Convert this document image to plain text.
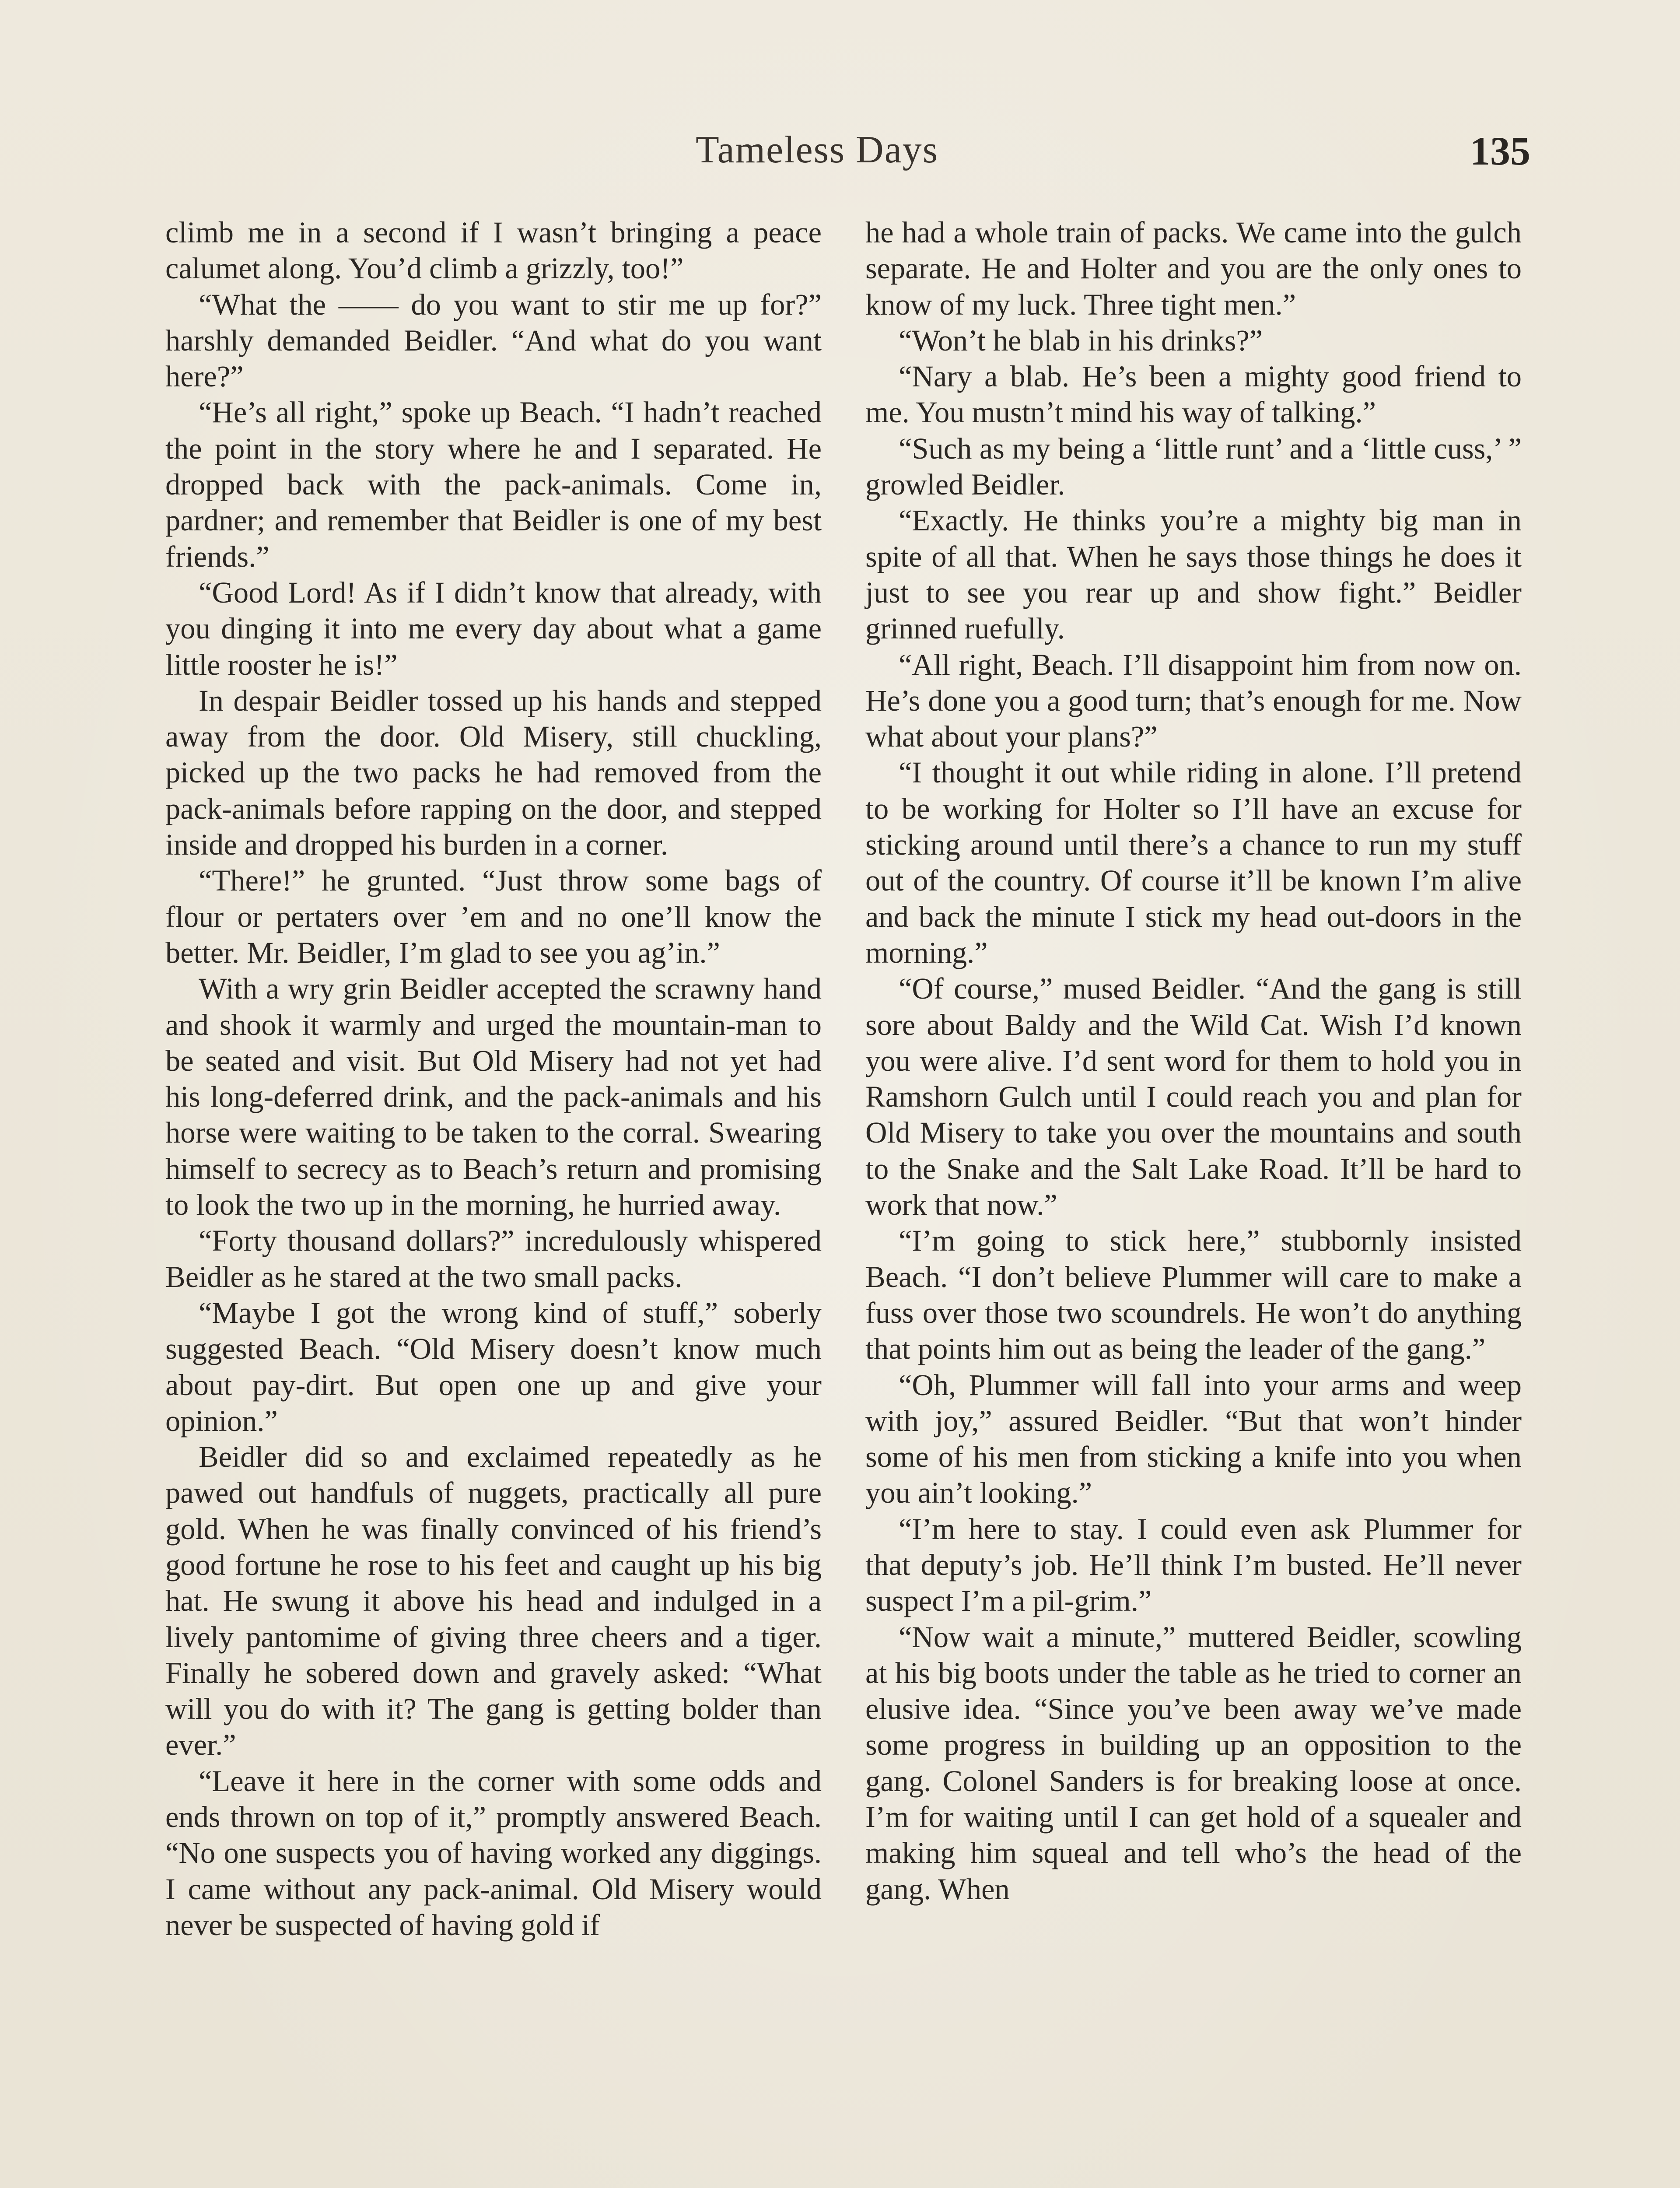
Tameless Days	135

climb me in a second if I wasn’t bringing a peace calumet along. You’d climb a grizzly, too!”

“What the —— do you want to stir me up for?” harshly demanded Beidler. “And what do you want here?”

“He’s all right,” spoke up Beach. “I hadn’t reached the point in the story where he and I separated. He dropped back with the pack-animals. Come in, pardner; and remember that Beidler is one of my best friends.”

“Good Lord! As if I didn’t know that already, with you dinging it into me every day about what a game little rooster he is!”

In despair Beidler tossed up his hands and stepped away from the door. Old Misery, still chuckling, picked up the two packs he had removed from the pack-animals before rapping on the door, and stepped inside and dropped his burden in a corner.

“There!” he grunted. “Just throw some bags of flour or pertaters over ’em and no one’ll know the better. Mr. Beidler, I’m glad to see you ag’in.”

With a wry grin Beidler accepted the scrawny hand and shook it warmly and urged the mountain-man to be seated and visit. But Old Misery had not yet had his long-deferred drink, and the pack-animals and his horse were waiting to be taken to the corral. Swearing himself to secrecy as to Beach’s return and promising to look the two up in the morning, he hurried away.

“Forty thousand dollars?” incredulously whispered Beidler as he stared at the two small packs.

“Maybe I got the wrong kind of stuff,” soberly suggested Beach. “Old Misery doesn’t know much about pay-dirt. But open one up and give your opinion.”

Beidler did so and exclaimed repeatedly as he pawed out handfuls of nuggets, practically all pure gold. When he was finally convinced of his friend’s good fortune he rose to his feet and caught up his big hat. He swung it above his head and indulged in a lively pantomime of giving three cheers and a tiger. Finally he sobered down and gravely asked: “What will you do with it? The gang is getting bolder than ever.”

“Leave it here in the corner with some odds and ends thrown on top of it,” promptly answered Beach. “No one suspects you of having worked any diggings. I came without any pack-animal. Old Misery would never be suspected of having gold if

he had a whole train of packs. We came into the gulch separate. He and Holter and you are the only ones to know of my luck. Three tight men.”

“Won’t he blab in his drinks?”

“Nary a blab. He’s been a mighty good friend to me. You mustn’t mind his way of talking.”

“Such as my being a ‘little runt’ and a ‘little cuss,’ ” growled Beidler.

“Exactly. He thinks you’re a mighty big man in spite of all that. When he says those things he does it just to see you rear up and show fight.” Beidler grinned ruefully.

“All right, Beach. I’ll disappoint him from now on. He’s done you a good turn; that’s enough for me. Now what about your plans?”

“I thought it out while riding in alone. I’ll pretend to be working for Holter so I’ll have an excuse for sticking around until there’s a chance to run my stuff out of the country. Of course it’ll be known I’m alive and back the minute I stick my head out-doors in the morning.”

“Of course,” mused Beidler. “And the gang is still sore about Baldy and the Wild Cat. Wish I’d known you were alive. I’d sent word for them to hold you in Ramshorn Gulch until I could reach you and plan for Old Misery to take you over the mountains and south to the Snake and the Salt Lake Road. It’ll be hard to work that now.”

“I’m going to stick here,” stubbornly insisted Beach. “I don’t believe Plummer will care to make a fuss over those two scoundrels. He won’t do anything that points him out as being the leader of the gang.”

“Oh, Plummer will fall into your arms and weep with joy,” assured Beidler. “But that won’t hinder some of his men from sticking a knife into you when you ain’t looking.”

“I’m here to stay. I could even ask Plummer for that deputy’s job. He’ll think I’m busted. He’ll never suspect I’m a pil-grim.”

“Now wait a minute,” muttered Beidler, scowling at his big boots under the table as he tried to corner an elusive idea. “Since you’ve been away we’ve made some progress in building up an opposition to the gang. Colonel Sanders is for breaking loose at once. I’m for waiting until I can get hold of a squealer and making him squeal and tell who’s the head of the gang. When
